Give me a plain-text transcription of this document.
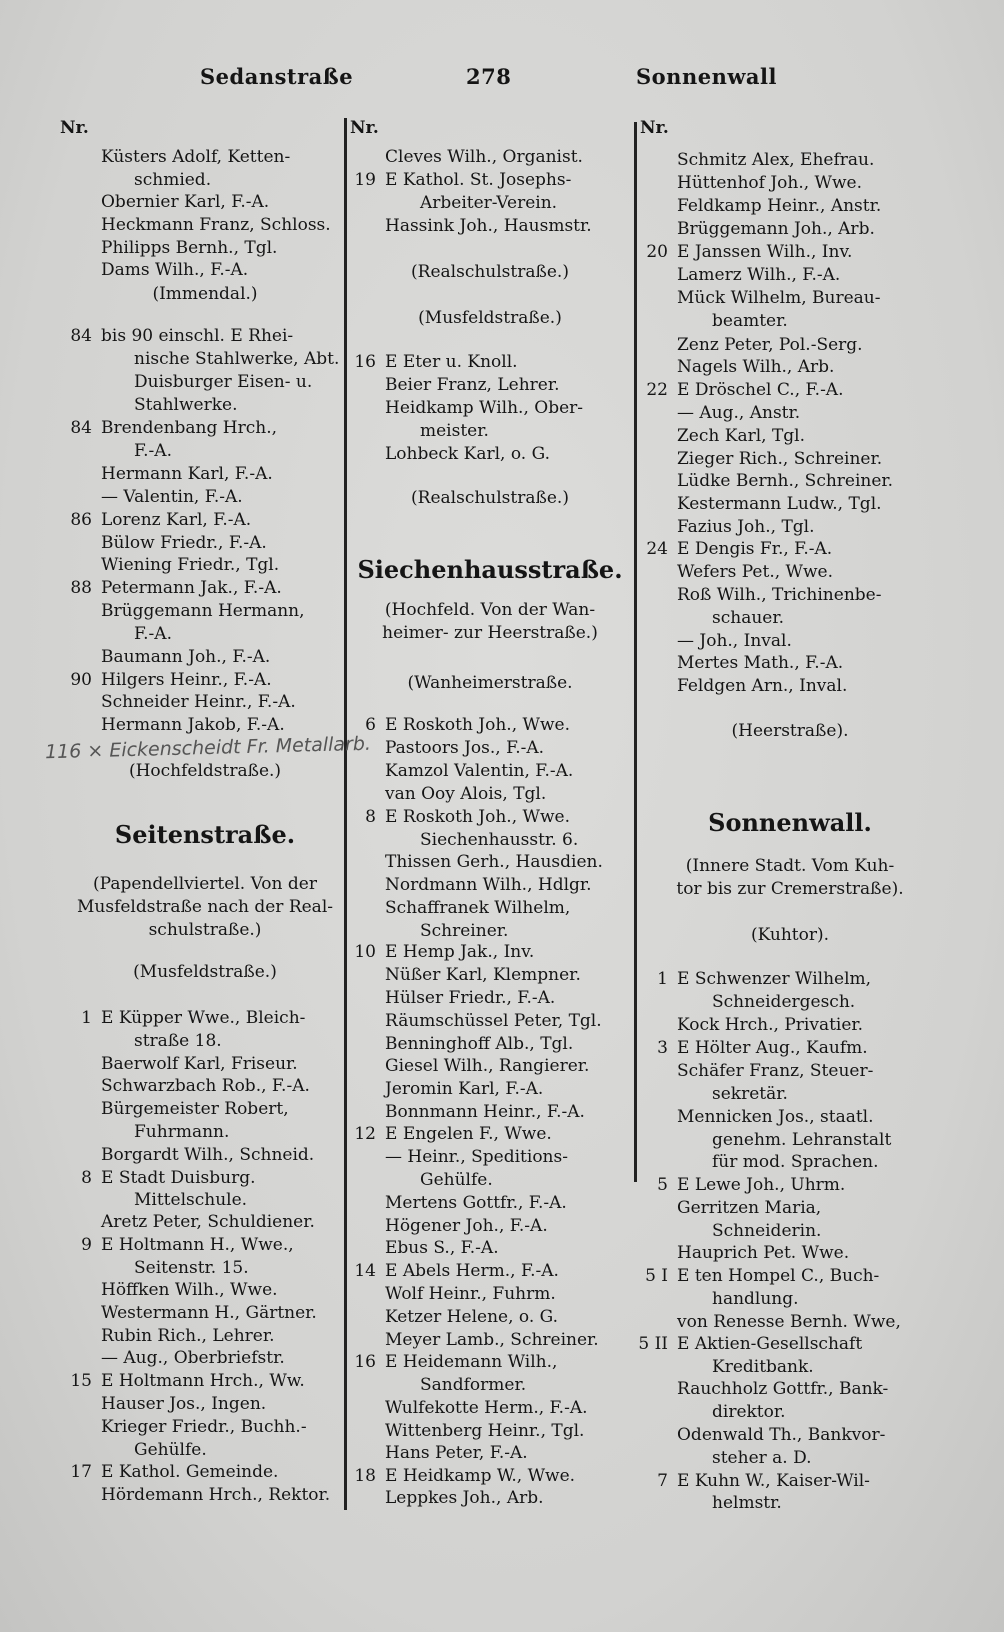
Sedanstraße	278	Sonnenwall
Nr.
Küsters Adolf, Ketten-
schmied.
Obernier Karl, F.-A.
Heckmann Franz, Schloss.
Philipps Bernh., Tgl.
Dams Wilh., F.-A.
(Immendal.)
84 bis 90 einschl. E Rhei-
nische Stahlwerke, Abt.
Duisburger Eisen- u.
Stahlwerke.
84 Brendenbang Hrch.,
F.-A.
Hermann Karl, F.-A.
— Valentin, F.-A.
86 Lorenz Karl, F.-A.
Bülow Friedr., F.-A.
Wiening Friedr., Tgl.
88 Petermann Jak., F.-A.
Brüggemann Hermann,
F.-A.
Baumann Joh., F.-A.
90 Hilgers Heinr., F.-A.
Schneider Heinr., F.-A.
Hermann Jakob, F.-A.
116 × Eickenscheidt Fr. Metallarb.
(Hochfeldstraße.)
Seitenstraße.
(Papendellviertel. Von der
Musfeldstraße nach der Real-
schulstraße.)
(Musfeldstraße.)
1 E Küpper Wwe., Bleich-
straße 18.
Baerwolf Karl, Friseur.
Schwarzbach Rob., F.-A.
Bürgemeister Robert,
Fuhrmann.
Borgardt Wilh., Schneid.
8 E Stadt Duisburg.
Mittelschule.
Aretz Peter, Schuldiener.
9 E Holtmann H., Wwe.,
Seitenstr. 15.
Höffken Wilh., Wwe.
Westermann H., Gärtner.
Rubin Rich., Lehrer.
— Aug., Oberbriefstr.
15 E Holtmann Hrch., Ww.
Hauser Jos., Ingen.
Krieger Friedr., Buchh.-
Gehülfe.
17 E Kathol. Gemeinde.
Hördemann Hrch., Rektor.
Nr.
Cleves Wilh., Organist.
19 E Kathol. St. Josephs-
Arbeiter-Verein.
Hassink Joh., Hausmstr.
(Realschulstraße.)
(Musfeldstraße.)
16 E Eter u. Knoll.
Beier Franz, Lehrer.
Heidkamp Wilh., Ober-
meister.
Lohbeck Karl, o. G.
(Realschulstraße.)
Siechenhausstraße.
(Hochfeld. Von der Wan-
heimer- zur Heerstraße.)
(Wanheimerstraße.
6 E Roskoth Joh., Wwe.
Pastoors Jos., F.-A.
Kamzol Valentin, F.-A.
van Ooy Alois, Tgl.
8 E Roskoth Joh., Wwe.
Siechenhausstr. 6.
Thissen Gerh., Hausdien.
Nordmann Wilh., Hdlgr.
Schaffranek Wilhelm,
Schreiner.
10 E Hemp Jak., Inv.
Nüßer Karl, Klempner.
Hülser Friedr., F.-A.
Räumschüssel Peter, Tgl.
Benninghoff Alb., Tgl.
Giesel Wilh., Rangierer.
Jeromin Karl, F.-A.
Bonnmann Heinr., F.-A.
12 E Engelen F., Wwe.
— Heinr., Speditions-
Gehülfe.
Mertens Gottfr., F.-A.
Högener Joh., F.-A.
Ebus S., F.-A.
14 E Abels Herm., F.-A.
Wolf Heinr., Fuhrm.
Ketzer Helene, o. G.
Meyer Lamb., Schreiner.
16 E Heidemann Wilh.,
Sandformer.
Wulfekotte Herm., F.-A.
Wittenberg Heinr., Tgl.
Hans Peter, F.-A.
18 E Heidkamp W., Wwe.
Leppkes Joh., Arb.
Nr.
Schmitz Alex, Ehefrau.
Hüttenhof Joh., Wwe.
Feldkamp Heinr., Anstr.
Brüggemann Joh., Arb.
20 E Janssen Wilh., Inv.
Lamerz Wilh., F.-A.
Mück Wilhelm, Bureau-
beamter.
Zenz Peter, Pol.-Serg.
Nagels Wilh., Arb.
22 E Dröschel C., F.-A.
— Aug., Anstr.
Zech Karl, Tgl.
Zieger Rich., Schreiner.
Lüdke Bernh., Schreiner.
Kestermann Ludw., Tgl.
Fazius Joh., Tgl.
24 E Dengis Fr., F.-A.
Wefers Pet., Wwe.
Roß Wilh., Trichinenbe-
schauer.
— Joh., Inval.
Mertes Math., F.-A.
Feldgen Arn., Inval.
(Heerstraße).
Sonnenwall.
(Innere Stadt. Vom Kuh-
tor bis zur Cremerstraße).
(Kuhtor).
1 E Schwenzer Wilhelm,
Schneidergesch.
Kock Hrch., Privatier.
3 E Hölter Aug., Kaufm.
Schäfer Franz, Steuer-
sekretär.
Mennicken Jos., staatl.
genehm. Lehranstalt
für mod. Sprachen.
5 E Lewe Joh., Uhrm.
Gerritzen Maria,
Schneiderin.
Hauprich Pet. Wwe.
5 I E ten Hompel C., Buch-
handlung.
von Renesse Bernh. Wwe,
5 II E Aktien-Gesellschaft
Kreditbank.
Rauchholz Gottfr., Bank-
direktor.
Odenwald Th., Bankvor-
steher a. D.
7 E Kuhn W., Kaiser-Wil-
helmstr.
